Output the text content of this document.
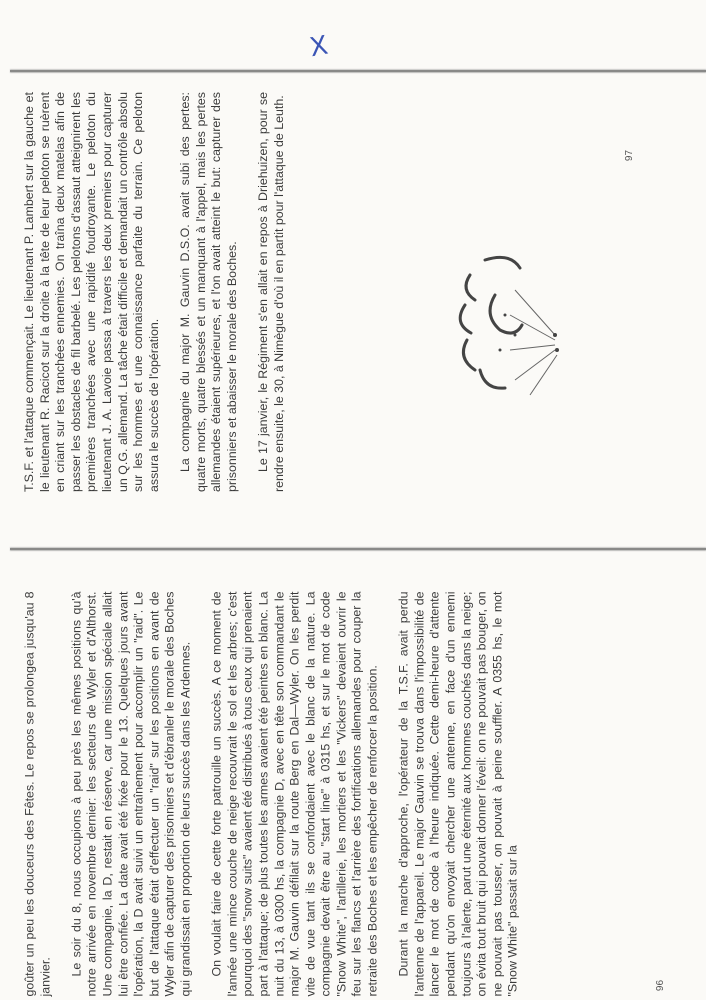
X

T.S.F. et l'attaque commençait. Le lieutenant P. Lambert sur la gauche et le lieutenant R. Racicot sur la droite à la tête de leur peloton se ruèrent en criant sur les tranchées ennemies. On traîna deux matelas afin de passer les obstacles de fil barbelé. Les pelotons d'assaut atteignirent les premières tranchées avec une rapidité foudroyante. Le peloton du lieutenant J. A. Lavoie passa à travers les deux premiers pour capturer un Q.G. allemand. La tâche était difficile et demandait un contrôle absolu sur les hommes et une connaissance parfaite du terrain. Ce peloton assura le succès de l'opération. La compagnie du major M. Gauvin D.S.O. avait subi des pertes: quatre morts, quatre blessés et un manquant à l'appel, mais les pertes allemandes étaient supérieures, et l'on avait atteint le but: capturer des prisonniers et abaisser le morale des Boches. Le 17 janvier, le Régiment s'en allait en repos à Driehuizen, pour se rendre ensuite, le 30, à Nimègue d'où il en partit pour l'attaque de Leuth.	97

goûter un peu les douceurs des Fêtes. Le repos se prolongea jusqu'au 8 janvier.

Le soir du 8, nous occupions à peu près les mêmes positions qu'à notre arrivée en novembre dernier: les secteurs de Wyler et d'Althorst. Une compagnie, la D, restait en réserve, car une mission spéciale allait lui être confiée. La date avait été fixée pour le 13. Quelques jours avant l'opération, la D avait suivi un entraînement pour accomplir un "raid". Le but de l'attaque était d'effectuer un "raid" sur les positions en avant de Wyler afin de capturer des prisonniers et d'ébranler le morale des Boches qui grandissait en proportion de leurs succès dans les Ardennes. On voulait faire de cette forte patrouille un succès. A ce moment de l'année une mince couche de neige recouvrait le sol et les arbres; c'est pourquoi des "snow suits" avaient été distribués à tous ceux qui prenaient part à l'attaque; de plus toutes les armes avaient été peintes en blanc. La nuit du 13, à 0300 hs, la compagnie D, avec en tête son commandant le major M. Gauvin défilait sur la route Berg en Dal—Wyler. On les perdit vite de vue tant ils se confondaient avec le blanc de la nature. La compagnie devait être au "start line" à 0315 hs, et sur le mot de code "Snow White", l'artillerie, les mortiers et les "Vickers" devaient ouvrir le feu sur les flancs et l'arrière des fortifications allemandes pour couper la retraite des Boches et les empêcher de renforcer la position. Durant la marche d'approche, l'opérateur de la T.S.F. avait perdu l'antenne de l'appareil. Le major Gauvin se trouva dans l'impossibilité de lancer le mot de code à l'heure indiquée. Cette demi-heure d'attente pendant qu'on envoyait chercher une antenne, en face d'un ennemi toujours à l'alerte, parut une éternité aux hommes couchés dans la neige; on évita tout bruit qui pouvait donner l'éveil: on ne pouvait pas bouger, on ne pouvait pas tousser, on pouvait à peine souffler. A 0355 hs, le mot "Snow White" passait sur la	96
